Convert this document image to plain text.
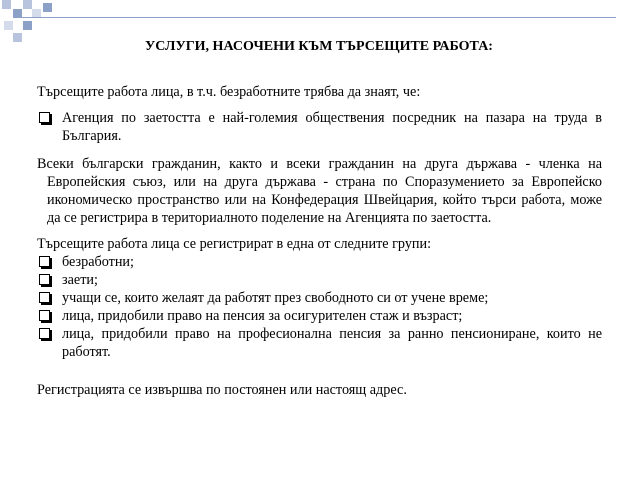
УСЛУГИ, НАСОЧЕНИ КЪМ ТЪРСЕЩИТЕ РАБОТА:

Търсещите работа лица, в т.ч. безработните трябва да знаят, че:

Агенция по заетостта е най-големия обществения посредник на пазара на труда в България.

Всеки български гражданин, както и всеки гражданин на друга държава - членка на Европейския съюз, или на друга държава - страна по Споразумението за Европейско икономическо пространство или на Конфедерация Швейцария, който търси работа, може да се регистрира в териториалното поделение на Агенцията по заетостта.

Търсещите работа лица се регистрират в една от следните групи:

безработни;
заети;
учащи се, които желаят да работят през свободното си от учене време;
лица, придобили право на пенсия за осигурителен стаж и възраст;
лица, придобили право на професионална пенсия за ранно пенсиониране, които не работят.

Регистрацията се извършва по постоянен или настоящ адрес.
